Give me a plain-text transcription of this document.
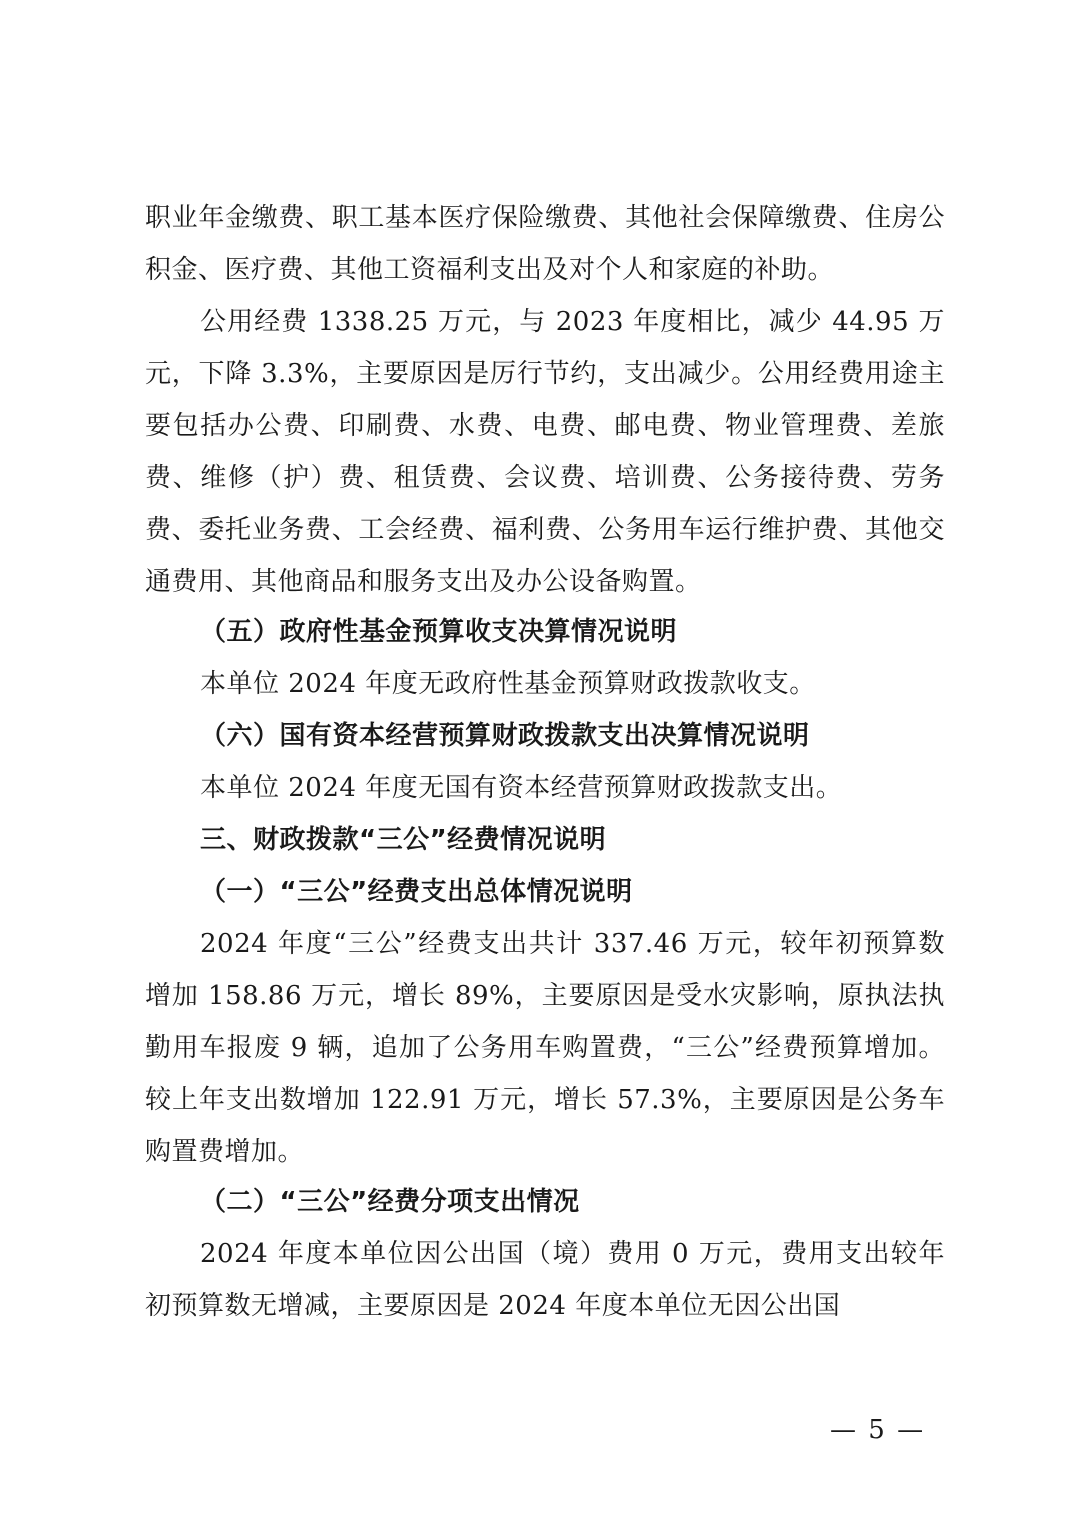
职业年金缴费、职工基本医疗保险缴费、其他社会保障缴费、住房公积金、医疗费、其他工资福利支出及对个人和家庭的补助。

公用经费 1338.25 万元，与 2023 年度相比，减少 44.95 万元，下降 3.3%，主要原因是厉行节约，支出减少。公用经费用途主要包括办公费、印刷费、水费、电费、邮电费、物业管理费、差旅费、维修（护）费、租赁费、会议费、培训费、公务接待费、劳务费、委托业务费、工会经费、福利费、公务用车运行维护费、其他交通费用、其他商品和服务支出及办公设备购置。

（五）政府性基金预算收支决算情况说明

本单位 2024 年度无政府性基金预算财政拨款收支。

（六）国有资本经营预算财政拨款支出决算情况说明

本单位 2024 年度无国有资本经营预算财政拨款支出。

三、财政拨款“三公”经费情况说明

（一）“三公”经费支出总体情况说明

2024 年度“三公”经费支出共计 337.46 万元，较年初预算数增加 158.86 万元，增长 89%，主要原因是受水灾影响，原执法执勤用车报废 9 辆，追加了公务用车购置费，“三公”经费预算增加。较上年支出数增加 122.91 万元，增长 57.3%，主要原因是公务车购置费增加。

（二）“三公”经费分项支出情况

2024 年度本单位因公出国（境）费用 0 万元，费用支出较年初预算数无增减，主要原因是 2024 年度本单位无因公出国

— 5 —
